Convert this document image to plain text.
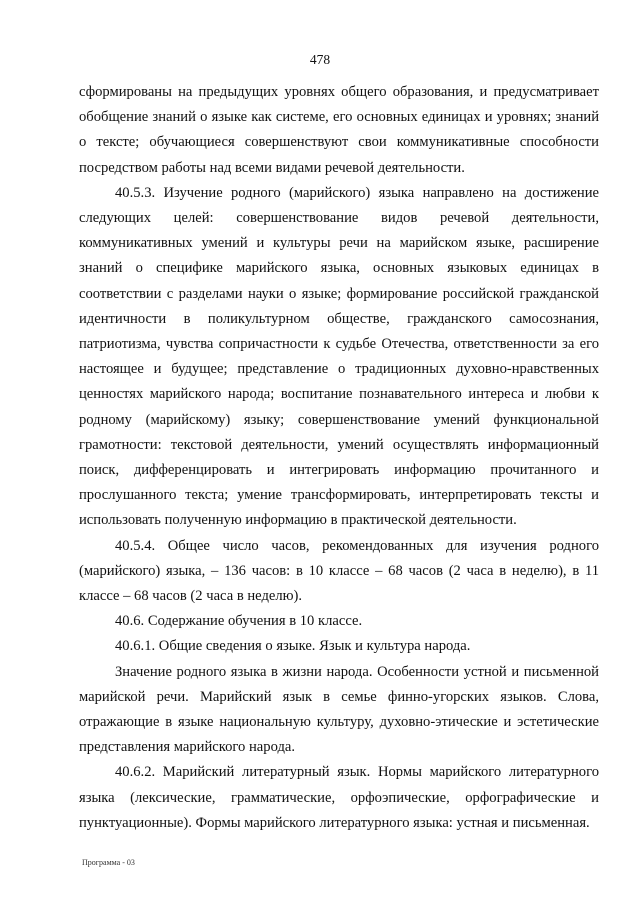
478

сформированы на предыдущих уровнях общего образования, и предусматривает обобщение знаний о языке как системе, его основных единицах и уровнях; знаний о тексте; обучающиеся совершенствуют свои коммуникативные способности посредством работы над всеми видами речевой деятельности.

40.5.3. Изучение родного (марийского) языка направлено на достижение следующих целей: совершенствование видов речевой деятельности, коммуникативных умений и культуры речи на марийском языке, расширение знаний о специфике марийского языка, основных языковых единицах в соответствии с разделами науки о языке; формирование российской гражданской идентичности в поликультурном обществе, гражданского самосознания, патриотизма, чувства сопричастности к судьбе Отечества, ответственности за его настоящее и будущее; представление о традиционных духовно-нравственных ценностях марийского народа; воспитание познавательного интереса и любви к родному (марийскому) языку; совершенствование умений функциональной грамотности: текстовой деятельности, умений осуществлять информационный поиск, дифференцировать и интегрировать информацию прочитанного и прослушанного текста; умение трансформировать, интерпретировать тексты и использовать полученную информацию в практической деятельности.

40.5.4. Общее число часов, рекомендованных для изучения родного (марийского) языка, – 136 часов: в 10 классе – 68 часов (2 часа в неделю), в 11 классе – 68 часов (2 часа в неделю).

40.6. Содержание обучения в 10 классе.

40.6.1. Общие сведения о языке. Язык и культура народа.

Значение родного языка в жизни народа. Особенности устной и письменной марийской речи. Марийский язык в семье финно-угорских языков. Слова, отражающие в языке национальную культуру, духовно-этические и эстетические представления марийского народа.

40.6.2. Марийский литературный язык. Нормы марийского литературного языка (лексические, грамматические, орфоэпические, орфографические и пунктуационные). Формы марийского литературного языка: устная и письменная.

Программа - 03
